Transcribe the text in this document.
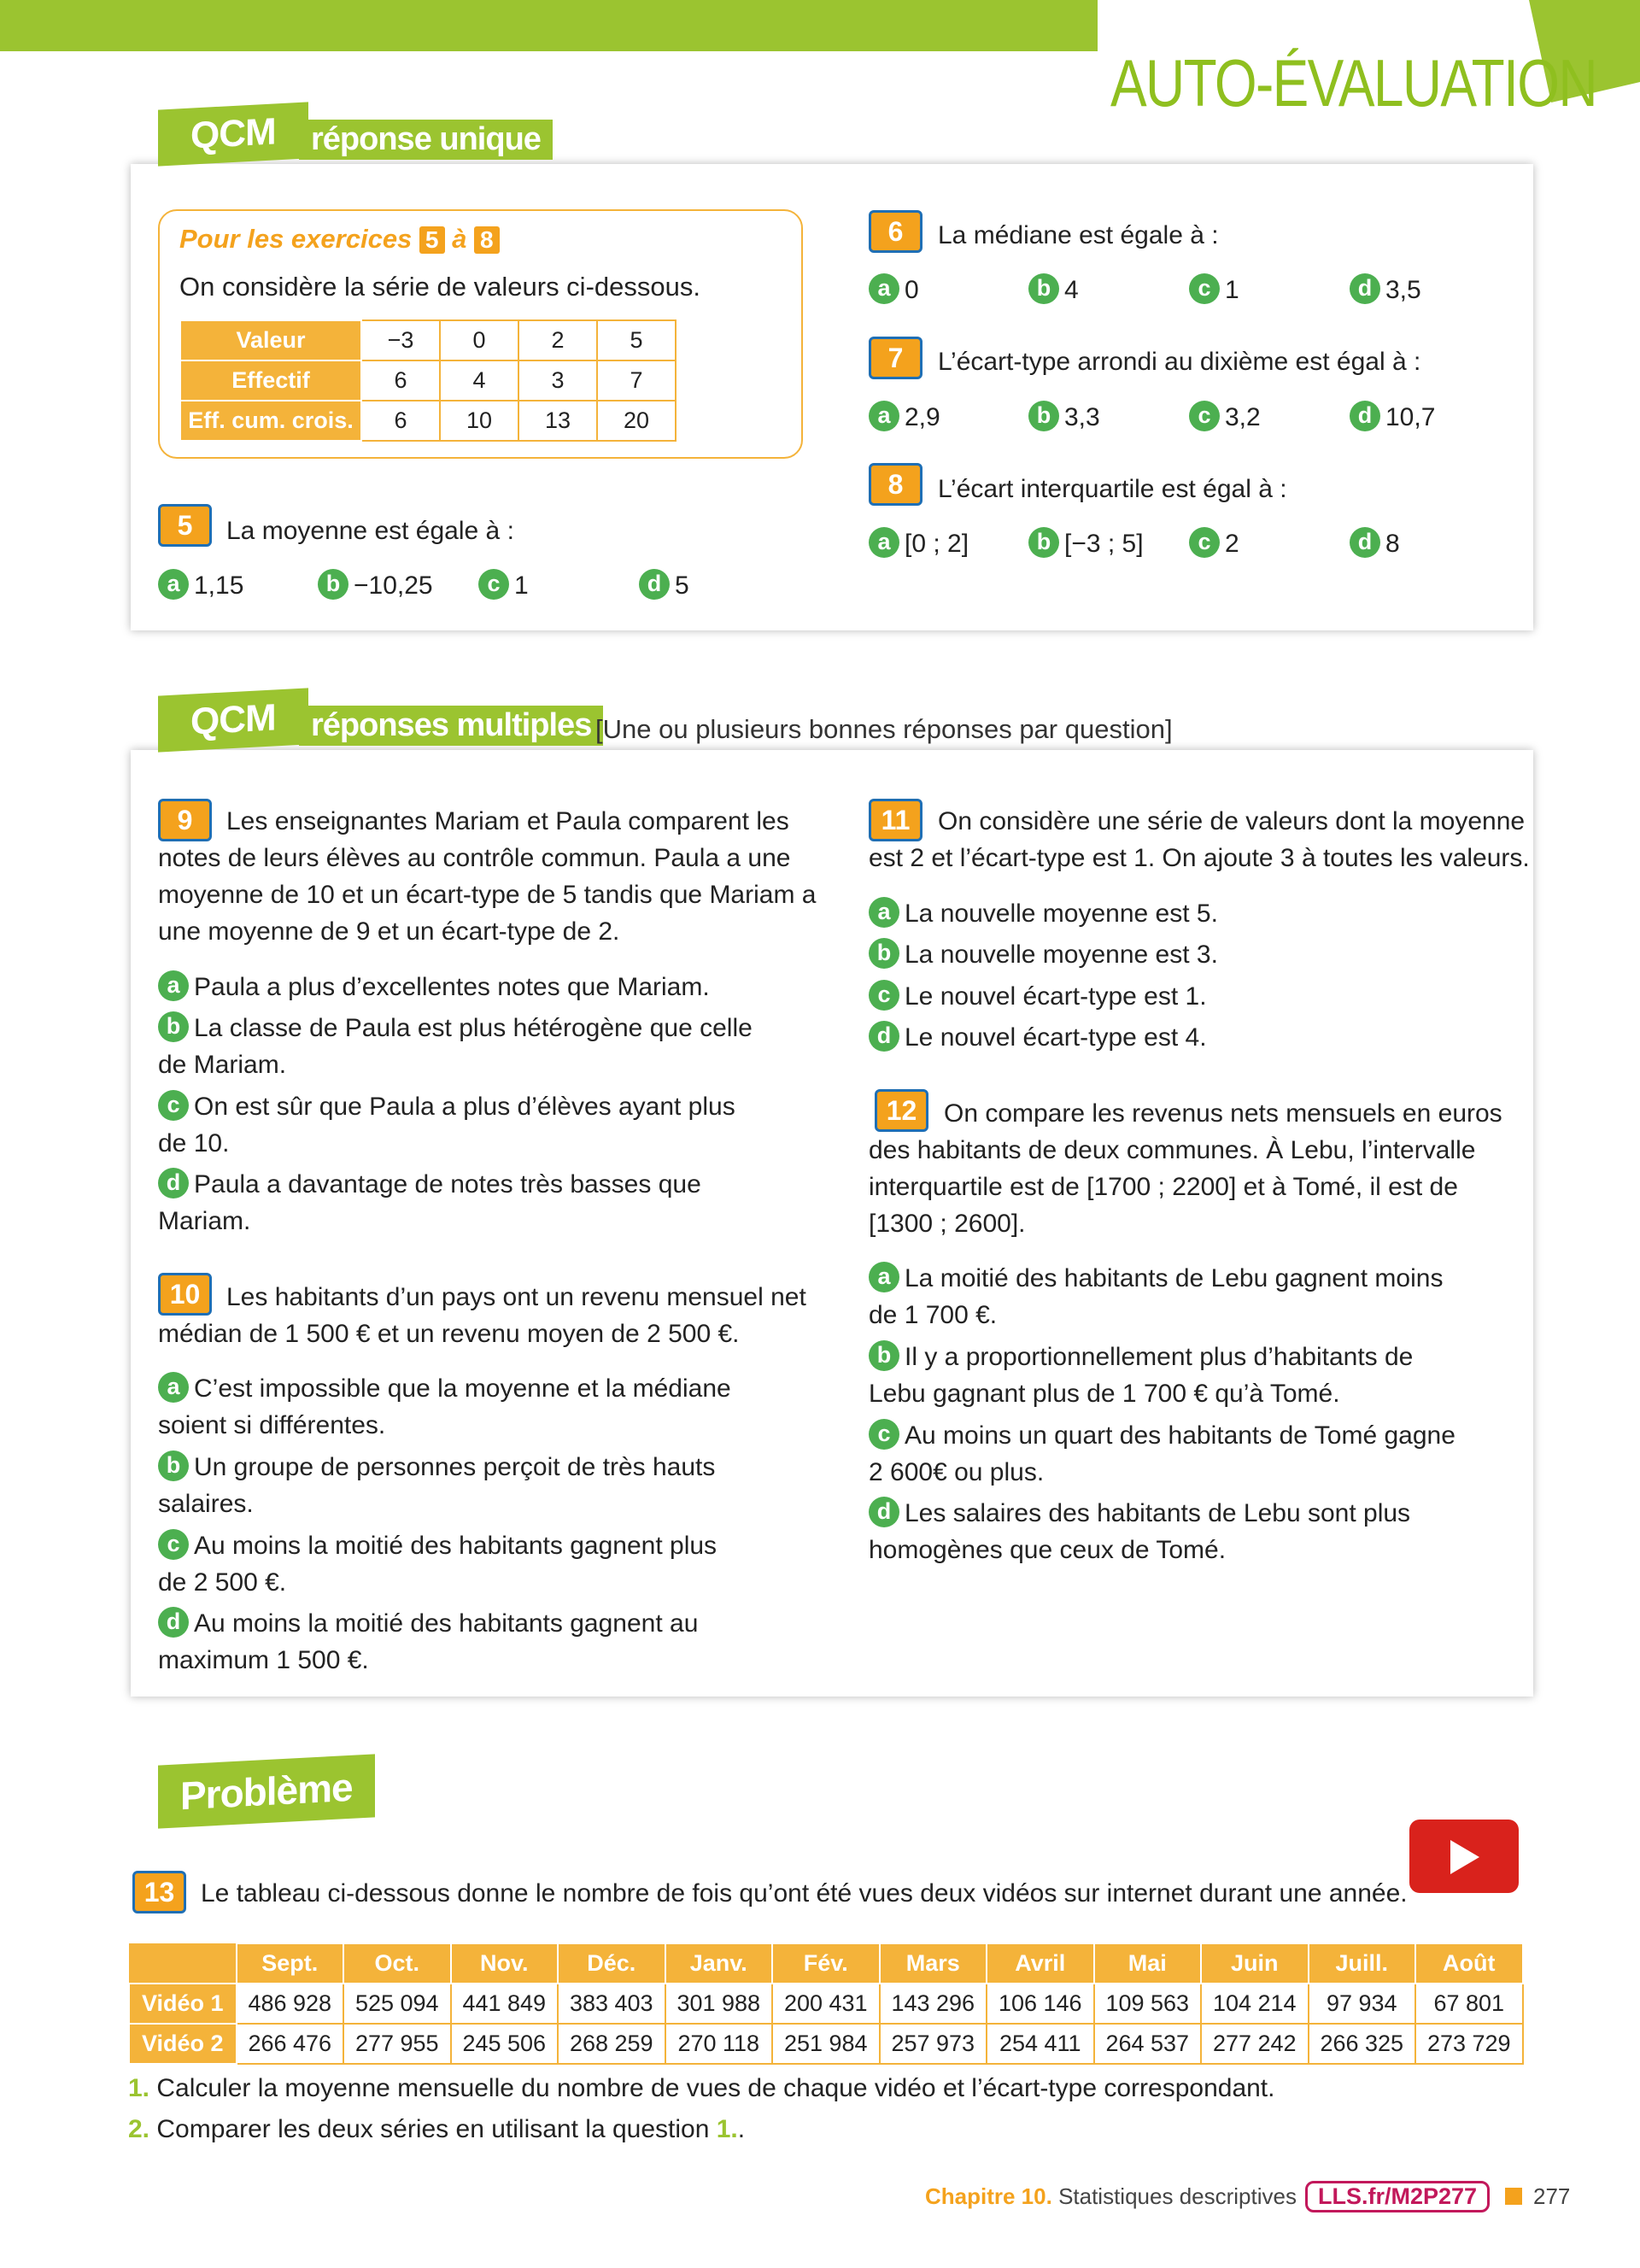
AUTO-ÉVALUATION
QCM	réponse unique
Pour les exercices 5 à 8
On considère la série de valeurs ci-dessous.
Valeur	−3	0	2	5
Effectif	6	4	3	7
Eff. cum. crois.	6	10	13	20
5	La moyenne est égale à :
a 1,15	b −10,25	c 1	d 5
6	La médiane est égale à :
a 0	b 4	c 1	d 3,5
7	L’écart-type arrondi au dixième est égal à :
a 2,9	b 3,3	c 3,2	d 10,7
8	L’écart interquartile est égal à :
a [0 ; 2]	b [−3 ; 5]	c 2	d 8
QCM	réponses multiples [Une ou plusieurs bonnes réponses par question]
9	Les enseignantes Mariam et Paula comparent les
notes de leurs élèves au contrôle commun. Paula a une
moyenne de 10 et un écart-type de 5 tandis que Mariam a
une moyenne de 9 et un écart-type de 2.
a Paula a plus d’excellentes notes que Mariam.
b La classe de Paula est plus hétérogène que celle
de Mariam.
c On est sûr que Paula a plus d’élèves ayant plus
de 10.
d Paula a davantage de notes très basses que
Mariam.
10	Les habitants d’un pays ont un revenu mensuel net
médian de 1 500 € et un revenu moyen de 2 500 €.
a C’est impossible que la moyenne et la médiane
soient si différentes.
b Un groupe de personnes perçoit de très hauts
salaires.
c Au moins la moitié des habitants gagnent plus
de 2 500 €.
d Au moins la moitié des habitants gagnent au
maximum 1 500 €.
11	On considère une série de valeurs dont la moyenne
est 2 et l’écart-type est 1. On ajoute 3 à toutes les valeurs.
a La nouvelle moyenne est 5.
b La nouvelle moyenne est 3.
c Le nouvel écart-type est 1.
d Le nouvel écart-type est 4.
12	On compare les revenus nets mensuels en euros
des habitants de deux communes. À Lebu, l’intervalle
interquartile est de [1700 ; 2200] et à Tomé, il est de
[1300 ; 2600].
a La moitié des habitants de Lebu gagnent moins
de 1 700 €.
b Il y a proportionnellement plus d’habitants de
Lebu gagnant plus de 1 700 € qu’à Tomé.
c Au moins un quart des habitants de Tomé gagne
2 600€ ou plus.
d Les salaires des habitants de Lebu sont plus
homogènes que ceux de Tomé.
Problème
13	Le tableau ci-dessous donne le nombre de fois qu’ont été vues deux vidéos sur internet durant une année.
	Sept.	Oct.	Nov.	Déc.	Janv.	Fév.	Mars	Avril	Mai	Juin	Juill.	Août
Vidéo 1	486 928	525 094	441 849	383 403	301 988	200 431	143 296	106 146	109 563	104 214	97 934	67 801
Vidéo 2	266 476	277 955	245 506	268 259	270 118	251 984	257 973	254 411	264 537	277 242	266 325	273 729
1. Calculer la moyenne mensuelle du nombre de vues de chaque vidéo et l’écart-type correspondant.
2. Comparer les deux séries en utilisant la question 1..
Chapitre 10. Statistiques descriptives LLS.fr/M2P277	277
